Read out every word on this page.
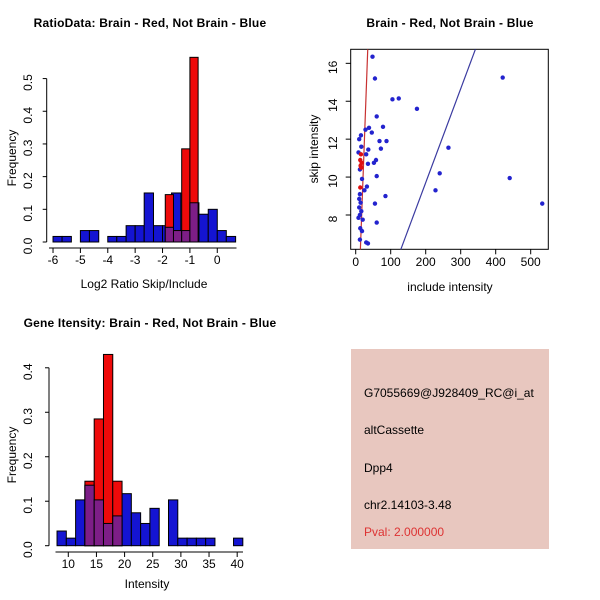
0.0
0.1
0.2
0.3
0.4
0.5
-6 -5 -4 -3 -2 -1 0
RatioData: Brain - Red, Not Brain - Blue
Log2 Ratio Skip/Include
Frequency
0 100 200 300 400 500
8
10
12
14
16
Brain - Red, Not Brain - Blue
include intensity
skip intensity
0.0
0.1
0.2
0.3
0.4
10 15 20 25 30 35 40
Gene Itensity: Brain - Red, Not Brain - Blue
Intensity
Frequency
G7055669@J928409_RC@i_at
altCassette
Dpp4
chr2.14103-3.48
Pval: 2.000000
